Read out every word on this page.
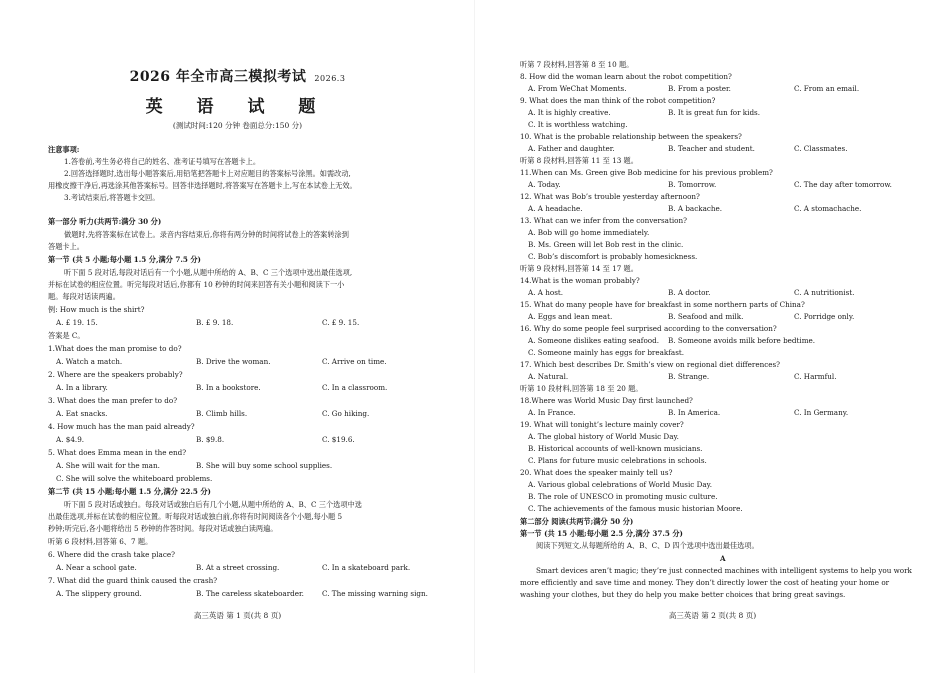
2026 年全市高三模拟考试 2026.3
英 语 试 题
(测试时间:120 分钟 卷面总分:150 分)
注意事项:
1.答卷前,考生务必将自己的姓名、准考证号填写在答题卡上。
2.回答选择题时,选出每小题答案后,用铅笔把答题卡上对应题目的答案标号涂黑。如需改动,
用橡皮擦干净后,再选涂其他答案标号。回答非选择题时,将答案写在答题卡上,写在本试卷上无效。
3.考试结束后,将答题卡交回。
第一部分 听力(共两节:满分 30 分)
做题时,先将答案标在试卷上。录音内容结束后,你将有两分钟的时间将试卷上的答案转涂到
答题卡上。
第一节 (共 5 小题;每小题 1.5 分,满分 7.5 分)
听下面 5 段对话,每段对话后有一个小题,从题中所给的 A、B、C 三个选项中选出最佳选项,
并标在试卷的相应位置。听完每段对话后,你都有 10 秒钟的时间来回答有关小题和阅读下一小
题。每段对话读两遍。
例: How much is the shirt?
A. £ 19. 15.	B. £ 9. 18.	C. £ 9. 15.
答案是 C。
1.What does the man promise to do?
A. Watch a match.	B. Drive the woman.	C. Arrive on time.
2. Where are the speakers probably?
A. In a library.	B. In a bookstore.	C. In a classroom.
3. What does the man prefer to do?
A. Eat snacks.	B. Climb hills.	C. Go hiking.
4. How much has the man paid already?
A. $4.9.	B. $9.8.	C. $19.6.
5. What does Emma mean in the end?
A. She will wait for the man.	B. She will buy some school supplies.
C. She will solve the whiteboard problems.
第二节 (共 15 小题;每小题 1.5 分,满分 22.5 分)
听下面 5 段对话或独白。每段对话或独白后有几个小题,从题中所给的 A、B、C 三个选项中选
出最佳选项,并标在试卷的相应位置。听每段对话或独白前,你将有时间阅读各个小题,每小题 5
秒钟;听完后,各小题将给出 5 秒钟的作答时间。每段对话或独白读两遍。
听第 6 段材料,回答第 6、7 题。
6. Where did the crash take place?
A. Near a school gate.	B. At a street crossing.	C. In a skateboard park.
7. What did the guard think caused the crash?
A. The slippery ground.	B. The careless skateboarder.	C. The missing warning sign.
高三英语 第 1 页(共 8 页)
听第 7 段材料,回答第 8 至 10 题。
8. How did the woman learn about the robot competition?
A. From WeChat Moments.	B. From a poster.	C. From an email.
9. What does the man think of the robot competition?
A. It is highly creative.	B. It is great fun for kids.
C. It is worthless watching.
10. What is the probable relationship between the speakers?
A. Father and daughter.	B. Teacher and student.	C. Classmates.
听第 8 段材料,回答第 11 至 13 题。
11.When can Ms. Green give Bob medicine for his previous problem?
A. Today.	B. Tomorrow.	C. The day after tomorrow.
12. What was Bob’s trouble yesterday afternoon?
A. A headache.	B. A backache.	C. A stomachache.
13. What can we infer from the conversation?
A. Bob will go home immediately.
B. Ms. Green will let Bob rest in the clinic.
C. Bob’s discomfort is probably homesickness.
听第 9 段材料,回答第 14 至 17 题。
14.What is the woman probably?
A. A host.	B. A doctor.	C. A nutritionist.
15. What do many people have for breakfast in some northern parts of China?
A. Eggs and lean meat.	B. Seafood and milk.	C. Porridge only.
16. Why do some people feel surprised according to the conversation?
A. Someone dislikes eating seafood. B. Someone avoids milk before bedtime.
C. Someone mainly has eggs for breakfast.
17. Which best describes Dr. Smith’s view on regional diet differences?
A. Natural.	B. Strange.	C. Harmful.
听第 10 段材料,回答第 18 至 20 题。
18.Where was World Music Day first launched?
A. In France.	B. In America.	C. In Germany.
19. What will tonight’s lecture mainly cover?
A. The global history of World Music Day.
B. Historical accounts of well-known musicians.
C. Plans for future music celebrations in schools.
20. What does the speaker mainly tell us?
A. Various global celebrations of World Music Day.
B. The role of UNESCO in promoting music culture.
C. The achievements of the famous music historian Moore.
第二部分 阅读(共两节;满分 50 分)
第一节 (共 15 小题;每小题 2.5 分,满分 37.5 分)
阅读下列短文,从每题所给的 A、B、C、D 四个选项中选出最佳选项。
A
Smart devices aren’t magic; they’re just connected machines with intelligent systems to help you work
more efficiently and save time and money. They don’t directly lower the cost of heating your home or
washing your clothes, but they do help you make better choices that bring great savings.
高三英语 第 2 页(共 8 页)
